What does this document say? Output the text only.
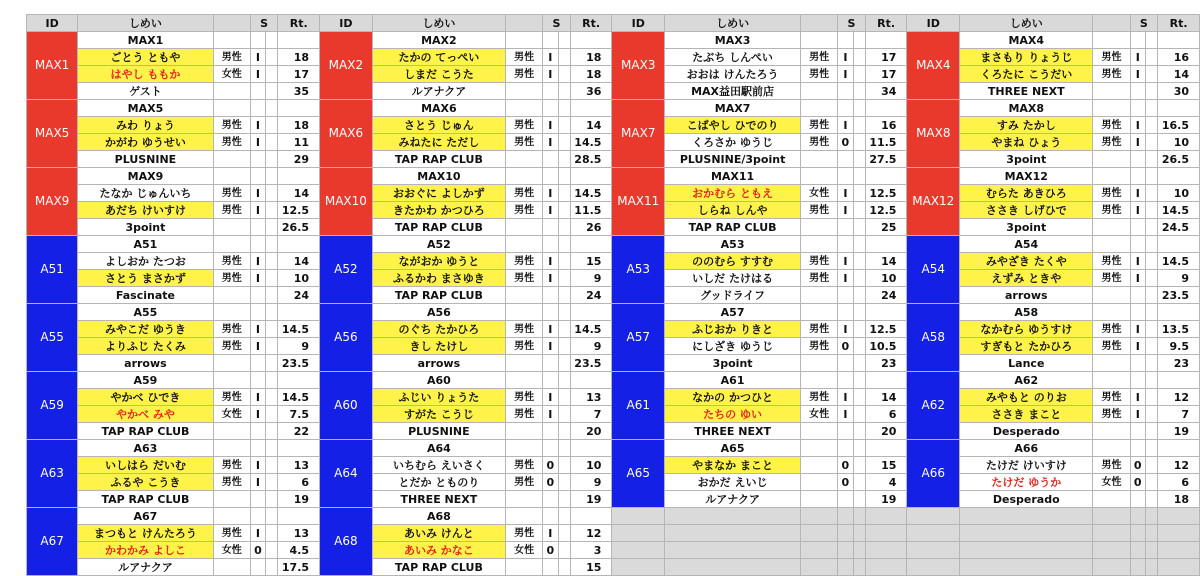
ID	しめい		S		Rt.	ID	しめい		S		Rt.	ID	しめい		S		Rt.	ID	しめい		S		Rt.
MAX1	MAX1					MAX2	MAX2					MAX3	MAX3					MAX4	MAX4				
	ごとう ともや	男性	I		18		たかの てっぺい	男性	I		18		たぶち しんぺい	男性	I		17		まさもり りょうじ	男性	I		16
	はやし ももか	女性	I		17		しまだ こうた	男性	I		18		おおは けんたろう	男性	I		17		くろたに こうだい	男性	I		14
	ゲスト				35		ルアナクア				36		MAX益田駅前店				34		THREE NEXT				30
MAX5	MAX5					MAX6	MAX6					MAX7	MAX7					MAX8	MAX8				
	みわ りょう	男性	I		18		さとう じゅん	男性	I		14		こばやし ひでのり	男性	I		16		すみ たかし	男性	I		16.5
	かがわ ゆうせい	男性	I		11		みねたに ただし	男性	I		14.5		くろさか ゆうじ	男性	0		11.5		やまね ひょう	男性	I		10
	PLUSNINE				29		TAP RAP CLUB				28.5		PLUSNINE/3point				27.5		3point				26.5
MAX9	MAX9					MAX10	MAX10					MAX11	MAX11					MAX12	MAX12				
	たなか じゅんいち	男性	I		14		おおぐに よしかず	男性	I		14.5		おかむら ともえ	女性	I		12.5		むらた あきひろ	男性	I		10
	あだち けいすけ	男性	I		12.5		きたかわ かつひろ	男性	I		11.5		しらね しんや	男性	I		12.5		ささき しげひで	男性	I		14.5
	3point				26.5		TAP RAP CLUB				26		TAP RAP CLUB				25		3point				24.5
A51	A51					A52	A52					A53	A53					A54	A54				
	よしおか たつお	男性	I		14		ながおか ゆうと	男性	I		15		ののむら すすむ	男性	I		14		みやざき たくや	男性	I		14.5
	さとう まさかず	男性	I		10		ふるかわ まさゆき	男性	I		9		いしだ たけはる	男性	I		10		えずみ ときや	男性	I		9
	Fascinate				24		TAP RAP CLUB				24		グッドライフ				24		arrows				23.5
A55	A55					A56	A56					A57	A57					A58	A58				
	みやこだ ゆうき	男性	I		14.5		のぐち たかひろ	男性	I		14.5		ふじおか りきと	男性	I		12.5		なかむら ゆうすけ	男性	I		13.5
	よりふじ たくみ	男性	I		9		きし たけし	男性	I		9		にしざき ゆうじ	男性	0		10.5		すぎもと たかひろ	男性	I		9.5
	arrows				23.5		arrows				23.5		3point				23		Lance				23
A59	A59					A60	A60					A61	A61					A62	A62				
	やかべ ひでき	男性	I		14.5		ふじい りょうた	男性	I		13		なかの かつひと	男性	I		14		みやもと のりお	男性	I		12
	やかべ みや	女性	I		7.5		すがた こうじ	男性	I		7		たちの ゆい	女性	I		6		ささき まこと	男性	I		7
	TAP RAP CLUB				22		PLUSNINE				20		THREE NEXT				20		Desperado				19
A63	A63					A64	A64					A65	A65					A66	A66				
	いしはら だいむ	男性	I		13		いちむら えいさく	男性	0		10		やまなか まこと		0		15		たけだ けいすけ	男性	0		12
	ふるや こうき	男性	I		6		とだか とものり	男性	0		9		おかだ えいじ		0		4		たけだ ゆうか	女性	0		6
	TAP RAP CLUB				19		THREE NEXT				19		ルアナクア				19		Desperado				18
A67	A67					A68	A68																
	まつもと けんたろう	男性	I		13		あいみ けんと	男性	I		12												
	かわかみ よしこ	女性	0		4.5		あいみ かなこ	女性	0		3												
	ルアナクア				17.5		TAP RAP CLUB				15												
